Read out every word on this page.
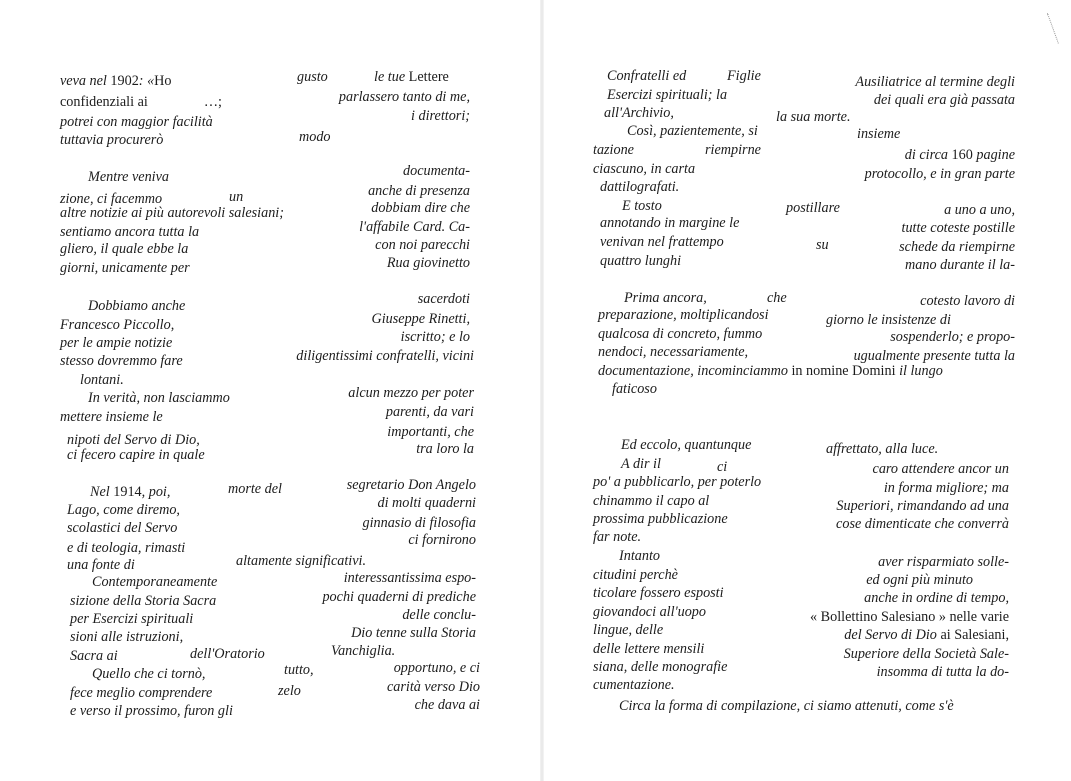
veva nel 1902: «Ho
confidenziali ai	…;
potrei con maggior facilità
tuttavia procurerò
gusto	le tue Lettere
parlassero tanto di me,
i direttori;
modo
Mentre veniva	documenta-
zione, ci facemmo	un	anche di presenza
altre notizie ai più autorevoli salesiani;	dobbiam dire che
sentiamo ancora tutta la	l'affabile Card. Ca-
gliero, il quale ebbe la	con noi parecchi
giorni, unicamente per	Rua giovinetto
Dobbiamo anche	sacerdoti
Francesco Piccollo,	Giuseppe Rinetti,
per le ampie notizie	iscritto; e lo
stesso dovremmo fare	diligentissimi confratelli, vicini
lontani.
In verità, non lasciammo	alcun mezzo per poter
mettere insieme le	parenti, da vari
importanti, che
nipoti del Servo di Dio,
ci fecero capire in quale	tra loro la
Nel 1914, poi,	morte del	segretario Don Angelo
Lago, come diremo,	di molti quaderni
scolastici del Servo	ginnasio di filosofia
e di teologia, rimasti	ci fornirono
una fonte di	altamente significativi.
Contemporaneamente	interessantissima espo-
sizione della Storia Sacra	pochi quaderni di prediche
per Esercizi spirituali	delle conclu-
sioni alle istruzioni,	Dio tenne sulla Storia
Sacra ai	dell'Oratorio	Vanchiglia.
Quello che ci tornò,	tutto,	opportuno, e ci
fece meglio comprendere	zelo	carità verso Dio
e verso il prossimo, furon gli	che dava ai
Confratelli ed	Figlie	Ausiliatrice al termine degli
Esercizi spirituali; la	dei quali era già passata
all'Archivio,	la sua morte.
Così, pazientemente, si	insieme
tazione	riempirne	di circa 160 pagine
ciascuno, in carta	protocollo, e in gran parte
dattilografati.
E tosto	postillare	a uno a uno,
annotando in margine le	tutte coteste postille
venivan nel frattempo	su	schede da riempirne
quattro lunghi	mano durante il la-
Prima ancora,	che	cotesto lavoro di
preparazione, moltiplicandosi	giorno le insistenze di
qualcosa di concreto, fummo	sospenderlo; e propo-
nendoci, necessariamente,	ugualmente presente tutta la
documentazione, incominciammo in nomine Domini il lungo
faticoso
Ed eccolo, quantunque	affrettato, alla luce.
A dir il	ci	caro attendere ancor un
po' a pubblicarlo, per poterlo	in forma migliore; ma
chinammo il capo al	Superiori, rimandando ad una
prossima pubblicazione	cose dimenticate che converrà
far note.
Intanto	aver risparmiato solle-
citudini perchè	ed ogni più minuto
ticolare fossero esposti	anche in ordine di tempo,
giovandoci all'uopo	« Bollettino Salesiano » nelle varie
lingue, delle	del Servo di Dio ai Salesiani,
delle lettere mensili	Superiore della Società Sale-
siana, delle monografie	insomma di tutta la do-
cumentazione.
Circa la forma di compilazione, ci siamo attenuti, come s'è
